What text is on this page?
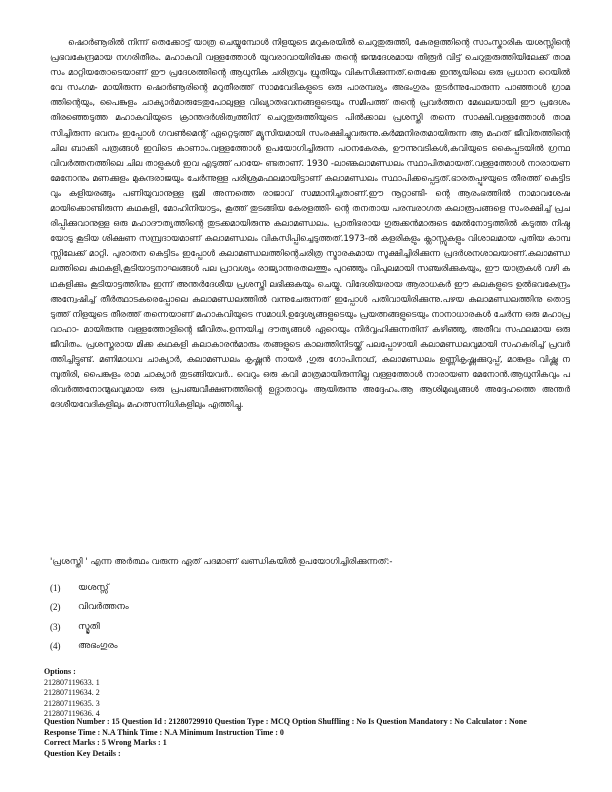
ഷൊർണൂരിൽ നിന്ന് തെക്കോട്ട് യാത്ര ചെയ്യുമ്പോൾ നിളയുടെ മറുകരയിൽ ചെറുതുരുത്തി, കേരളത്തിന്റെ സാംസ്കാരിക യശസ്സിന്റെ പ്രഭവകേന്ദ്രമായ നഗരിതീരം. മഹാകവി വള്ളത്തോൾ യുവരാവായിരിക്കേ തന്റെ ജന്മദേശമായ തിരൂർ വിട്ട് ചെറുതുരുത്തിയിലേക്ക് താമസം മാറ്റിയതോടെയാണ് ഈ പ്രദേശത്തിന്റെ ആധുനിക ചരിത്രവും ധ്രുതിയും വികസിക്കുന്നത്.തെക്കേ ഇന്ത്യയിലെ ഒരു പ്രധാന റെയിൽവേ സംഗമ- മായിരുന്ന ഷൊർണൂരിന്റെ മറുതീരത്ത് സാമവേദികളുടെ ഒരു പാരമ്പര്യം അഭംഗുരം തുടർന്നുപോരുന്ന പാഞ്ഞാൾ ഗ്രാമത്തിന്റെയും, പൈങ്കുളം ചാക്യാർമാരുടേതുപോലുള്ള വിഖ്യാതഭവനങ്ങളുടെയും സമീപത്ത് തന്റെ പ്രവർത്തന മേഖലയായി ഈ പ്രദേശം തിരഞ്ഞെടുത്ത മഹാകവിയുടെ ക്രാന്തദർശിത്വത്തിന് ചെറുതുരുത്തിയുടെ പിൽക്കാല പ്രശസ്തി തന്നെ സാക്ഷി.വള്ളത്തോൾ താമസിച്ചിരുന്ന ഭവനം ഇപ്പോൾ ഗവൺമെന്റ് ഏറ്റെടുത്ത് മ്യൂസിയമായി സംരക്ഷിച്ചുവരുന്നു.കർമ്മനിരതമായിരുന്ന ആ മഹത് ജീവിതത്തിന്റെ ചില ബാക്കി പത്രങ്ങൾ ഇവിടെ കാണാം.വള്ളത്തോൾ ഉപയോഗിച്ചിരുന്ന പഠനകേരക, ഊന്നുവടികൾ,കവിയുടെ കൈപ്പടയിൽ ഗ്രന്ഥ വിവർത്തനത്തിലെ ചില താളുകൾ ഇവ എടുത്ത് പറയേ- ണ്ടതാണ്. 1930 -ലാണ്കലാമണ്ഡലം സ്ഥാപിതമായത്.വള്ളത്തോൾ നാരായണ മേനോനും മണക്കുളം മുകുന്ദരാജയും ചേർന്നുള്ള പരിശ്രമഫലമായിട്ടാണ് കലാമണ്ഡലം സ്ഥാപിക്കപ്പെട്ടത്.ഭാരതപ്പുഴയുടെ തീരത്ത് കെട്ടിടവും കളിയരങ്ങും പണിയുവാനുള്ള ഭൂമി അന്നത്തെ രാജാവ് സമ്മാനിച്ചതാണ്.ഈ നൂറ്റാണ്ടി- ന്റെ ആരംഭത്തിൽ നാമാവശേഷമായിക്കൊണ്ടിരുന്ന കഥകളി, മോഹിനിയാട്ടം, കൂത്ത് തുടങ്ങിയ കേരളത്തി- ന്റെ തനതായ പരമ്പരാഗത കലാരൂപങ്ങളെ സംരക്ഷിച്ച് പ്രചരിപ്പിക്കുവാനുള്ള ഒരു മഹാദൗത്യത്തിന്റെ തുടക്കമായിരുന്നു കലാമണ്ഡലം. പ്രാതിഭരായ ഗുരുക്കൻമാരുടെ മേൽനോട്ടത്തിൽ കടുത്ത നിഷ്ഠയോടു കൂടിയ ശിക്ഷണ സമ്പ്രദായമാണ് കലാമണ്ഡലം വികസിപ്പിച്ചെടുത്തത്.1973-ൽ കളരികളും ക്ലാസ്സുകളും വിശാലമായ പുതിയ കാമ്പസ്സിലേക്ക് മാറ്റി. പുരാതന കെട്ടിടം ഇപ്പോൾ കലാമണ്ഡലത്തിന്റെചരിത്ര സ്മാരകമായ സൂക്ഷിച്ചിരിക്കുന്ന പ്രദർശനശാലയാണ്.കലാമണ്ഡലത്തിലെ കഥകളി,കൂടിയാട്ടനാഘങ്ങൾ പല പ്രാവശ്യം രാജ്യാന്തരതലത്തും പുറഞ്ഞും വിപുലമായി സഞ്ചരിക്കുകയും, ഈ യാത്രകൾ വഴി കഥകളിക്കും കൂടിയാട്ടത്തിനും ഇന്ന് അന്തർദേശീയ പ്രശസ്തി ലഭിക്കുകയും ചെയ്യു. വിദേശിയരായ ആരാധകർ ഈ കലകളുടെ ഉൽഭവകേന്ദ്രം അന്വേഷിച്ച് തീർത്ഥാടകരെപ്പോലെ കലാമണ്ഡലത്തിൽ വന്നുചേരുന്നത് ഇപ്പോൾ പതിവായിരിക്കുന്നു.പഴയ കലാമണ്ഡലത്തിനു തൊട്ടടുത്ത് നിളയുടെ തീരത്ത് തന്നെയാണ് മഹാകവിയുടെ സമാധി.ഉദ്ദേശ്യങ്ങളുടെയും പ്രയത്നങ്ങളുടെയും നാനാധാരകൾ ചേർന്ന ഒരു മഹാപ്രവാഹാ- മായിരുന്നു വള്ളത്തോളിന്റെ ജീവിതം.ഉന്നയിച്ച ദൗത്യങ്ങൾ ഏറെയും നിർവ്വഹിക്കുന്നതിന് കഴിഞ്ഞു, അതീവ സഫലമായ ഒരു ജീവിതം. പ്രശസ്തരായ മിക്ക കഥകളി കലാകാരൻമാരും തങ്ങളുടെ കാലത്തിനിടയ്ക്ക് പലപ്പോഴായി കലാമണ്ഡലവുമായി സഹകരിച്ച് പ്രവർത്തിച്ചിട്ടുണ്ട്. മണിമാധവ ചാക്യാർ, കലാമണ്ഡലം കൃഷ്ണൻ നായർ ,ഗുരു ഗോപിനാഥ്, കലാമണ്ഡലം ഉണ്ണികൃഷ്ണക്കുറുപ്പ്, മാങ്കുളം വിഷ്ണു നമ്പൂതിരി, പൈങ്കുളം രാമ ചാക്യാർ തുടങ്ങിയവർ.. വെറും ഒരു കവി മാത്രമായിരുന്നില്ല വള്ളത്തോൾ നാരായണ മേനോൻ.ആധുനികവും പരിവർത്തനോന്മുഖവുമായ ഒരു പ്രപഞ്ചവീക്ഷണത്തിന്റെ ഉദ്ഗാതാവും ആയിരുന്നു അദ്ദേഹം.ആ ആശിമുഖ്യങ്ങൾ അദ്ദേഹത്തെ അന്തർദേശീയവേദികളിലും മഹത്സന്നിധികളിലും എത്തിച്ചു.
'പ്രശസ്തി ' എന്ന അർത്ഥം വരുന്ന ഏത് പദമാണ് ഖണ്ഡികയിൽ ഉപയോഗിച്ചിരിക്കുന്നത്:-
(1)	യശസ്സ്
(2)	വിവർത്തനം
(3)	സ്മൃതി
(4)	അഭംഗുരം
Options :
212807119633. 1
212807119634. 2
212807119635. 3
212807119636. 4
Question Number : 15 Question Id : 21280729910 Question Type : MCQ Option Shuffling : No Is Question Mandatory : No Calculator : None
Response Time : N.A Think Time : N.A Minimum Instruction Time : 0
Correct Marks : 5 Wrong Marks : 1
Question Key Details :
